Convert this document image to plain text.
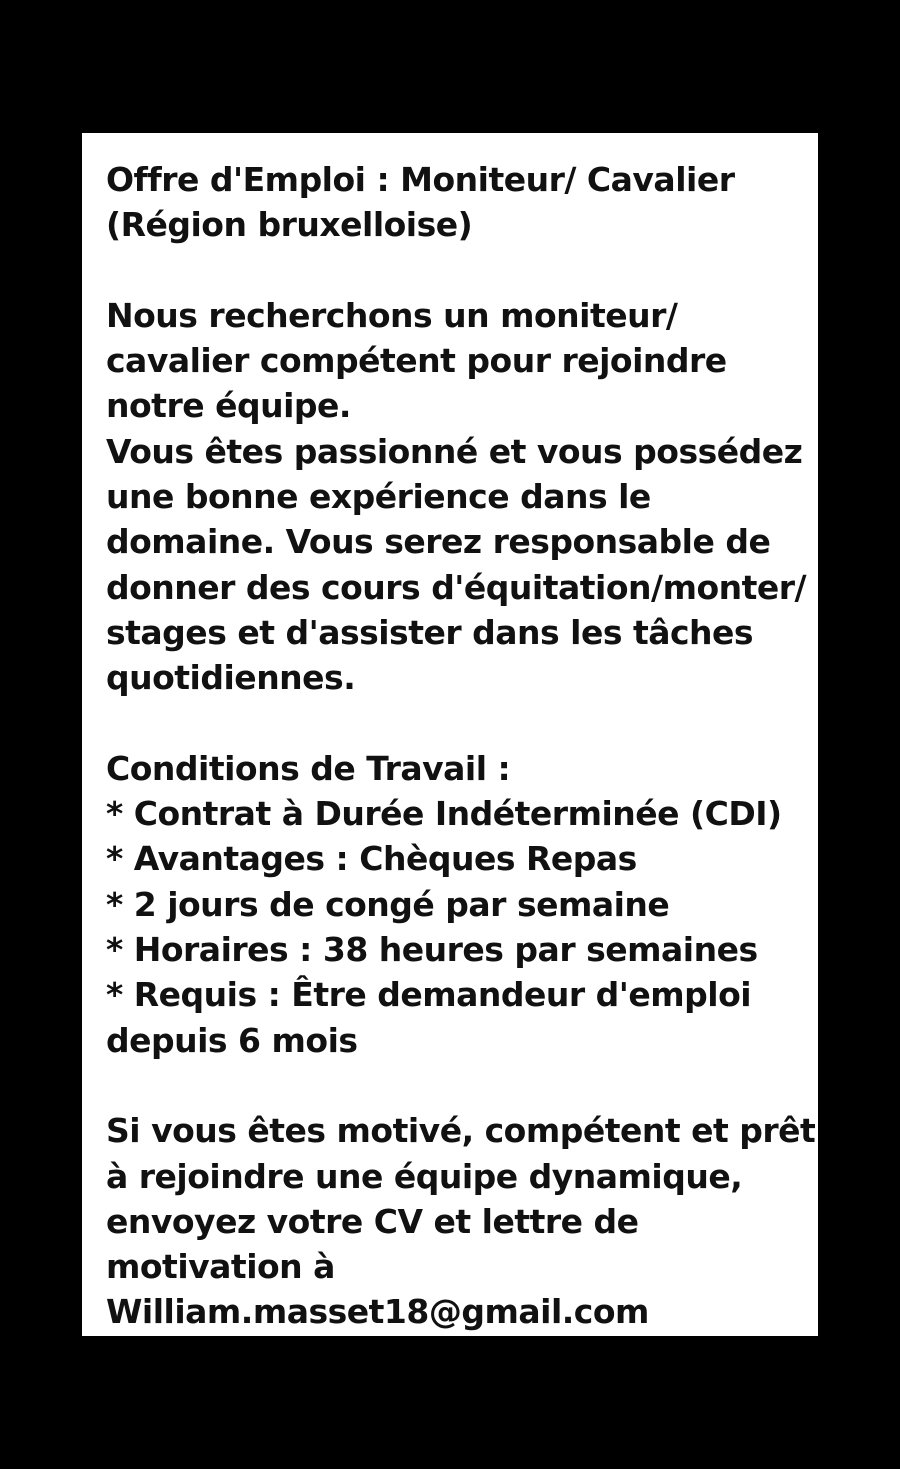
Offre d'Emploi : Moniteur/ Cavalier
(Région bruxelloise)
Nous recherchons un moniteur/
cavalier compétent pour rejoindre
notre équipe.
Vous êtes passionné et vous possédez
une bonne expérience dans le
domaine. Vous serez responsable de
donner des cours d'équitation/monter/
stages et d'assister dans les tâches
quotidiennes.
Conditions de Travail :
* Contrat à Durée Indéterminée (CDI)
* Avantages : Chèques Repas
* 2 jours de congé par semaine
* Horaires : 38 heures par semaines
* Requis : Être demandeur d'emploi
depuis 6 mois
Si vous êtes motivé, compétent et prêt
à rejoindre une équipe dynamique,
envoyez votre CV et lettre de
motivation à
William.masset18@gmail.com
